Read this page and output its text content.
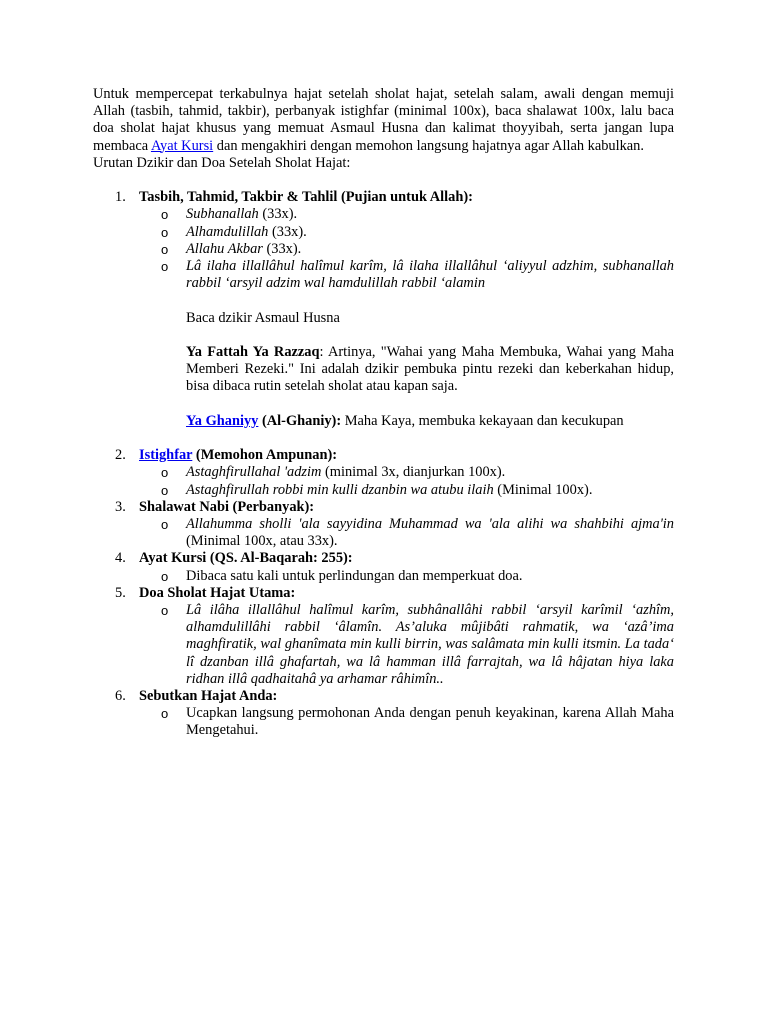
Untuk mempercepat terkabulnya hajat setelah sholat hajat, setelah salam, awali dengan memuji Allah (tasbih, tahmid, takbir), perbanyak istighfar (minimal 100x), baca shalawat 100x, lalu baca doa sholat hajat khusus yang memuat Asmaul Husna dan kalimat thoyyibah, serta jangan lupa membaca Ayat Kursi dan mengakhiri dengan memohon langsung hajatnya agar Allah kabulkan.

Urutan Dzikir dan Doa Setelah Sholat Hajat:

1. Tasbih, Tahmid, Takbir & Tahlil (Pujian untuk Allah):
o Subhanallah (33x).
o Alhamdulillah (33x).
o Allahu Akbar (33x).
o Lâ ilaha illallâhul halîmul karîm, lâ ilaha illallâhul ‘aliyyul adzhim, subhanallah rabbil ‘arsyil adzim wal hamdulillah rabbil ‘alamin

Baca dzikir Asmaul Husna

Ya Fattah Ya Razzaq: Artinya, "Wahai yang Maha Membuka, Wahai yang Maha Memberi Rezeki." Ini adalah dzikir pembuka pintu rezeki dan keberkahan hidup, bisa dibaca rutin setelah sholat atau kapan saja.

Ya Ghaniyy (Al-Ghaniy): Maha Kaya, membuka kekayaan dan kecukupan

2. Istighfar (Memohon Ampunan):
o Astaghfirullahal 'adzim (minimal 3x, dianjurkan 100x).
o Astaghfirullah robbi min kulli dzanbin wa atubu ilaih (Minimal 100x).
3. Shalawat Nabi (Perbanyak):
o Allahumma sholli 'ala sayyidina Muhammad wa 'ala alihi wa shahbihi ajma'in (Minimal 100x, atau 33x).
4. Ayat Kursi (QS. Al-Baqarah: 255):
o Dibaca satu kali untuk perlindungan dan memperkuat doa.
5. Doa Sholat Hajat Utama:
o Lâ ilâha illallâhul halîmul karîm, subhânallâhi rabbil ‘arsyil karîmil ‘azhîm, alhamdulillâhi rabbil ‘âlamîn. As’aluka mûjibâti rahmatik, wa ‘azâ’ima maghfiratik, wal ghanîmata min kulli birrin, was salâmata min kulli itsmin. La tada‘ lî dzanban illâ ghafartah, wa lâ hamman illâ farrajtah, wa lâ hâjatan hiya laka ridhan illâ qadhaitahâ ya arhamar râhimîn..
6. Sebutkan Hajat Anda:
o Ucapkan langsung permohonan Anda dengan penuh keyakinan, karena Allah Maha Mengetahui.
